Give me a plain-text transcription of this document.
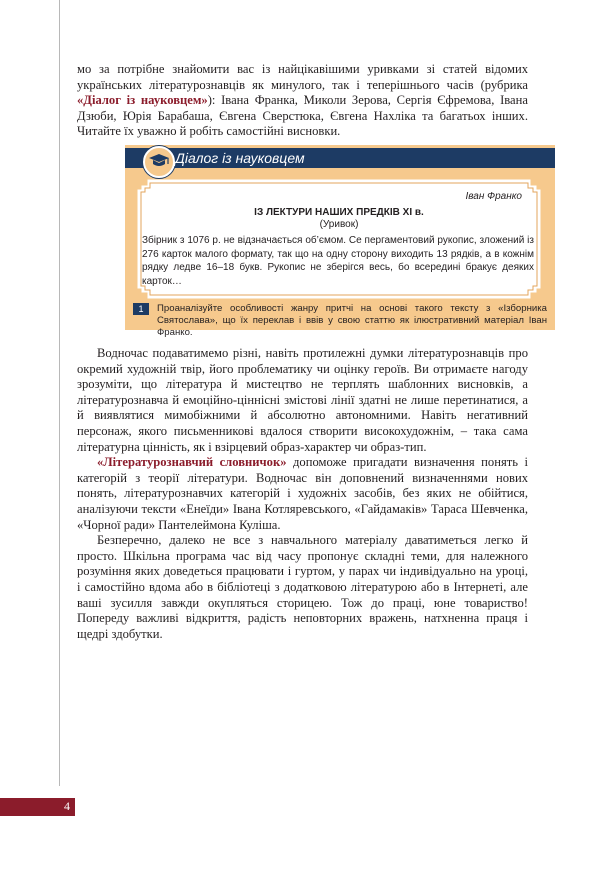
мо за потрібне знайомити вас із найцікавішими уривками зі статей відомих українських літературознавців як минулого, так і теперішнього часів (рубрика «Діалог із науковцем»): Івана Франка, Миколи Зерова, Сергія Єфремова, Івана Дзюби, Юрія Барабаша, Євгена Сверстюка, Євгена Нахліка та багатьох інших. Читайте їх уважно й робіть самостійні висновки.

Діалог із науковцем
Іван Франко
ІЗ ЛЕКТУРИ НАШИХ ПРЕДКІВ XI в.
(Уривок)
Збірник з 1076 р. не відзначається об’ємом. Се пергаментовий рукопис, зложений із 276 карток малого формату, так що на одну сторону виходить 13 рядків, а в кожнім рядку ледве 16–18 букв. Рукопис не зберігся весь, бо всередині бракує деяких карток…
1	Проаналізуйте особливості жанру притчі на основі такого тексту з «Ізборника Святослава», що їх переклав і ввів у свою статтю як ілюстративний матеріал Іван Франко.

Водночас подаватимемо різні, навіть протилежні думки літературознавців про окремий художній твір, його проблематику чи оцінку героїв. Ви отримаєте нагоду зрозуміти, що література й мистецтво не терплять шаблонних висновків, а літературознавча й емоційно-ціннісні змістові лінії здатні не лише перетинатися, а й виявлятися мимобіжними й абсолютно автономними. Навіть негативний персонаж, якого письменникові вдалося створити високохудожнім, – така сама літературна цінність, як і взірцевий образ-характер чи образ-тип.

«Літературознавчий словничок» допоможе пригадати визначення понять і категорій з теорії літератури. Водночас він доповнений визначеннями нових понять, літературознавчих категорій і художніх засобів, без яких не обійтися, аналізуючи тексти «Енеїди» Івана Котляревського, «Гайдамаків» Тараса Шевченка, «Чорної ради» Пантелеймона Куліша.

Безперечно, далеко не все з навчального матеріалу даватиметься легко й просто. Шкільна програма час від часу пропонує складні теми, для належного розуміння яких доведеться працювати і гуртом, у парах чи індивідуально на уроці, і самостійно вдома або в бібліотеці з додатковою літературою або в Інтернеті, але ваші зусилля завжди окупляться сторицею. Тож до праці, юне товариство! Попереду важливі відкриття, радість неповторних вражень, натхненна праця і щедрі здобутки.

4
